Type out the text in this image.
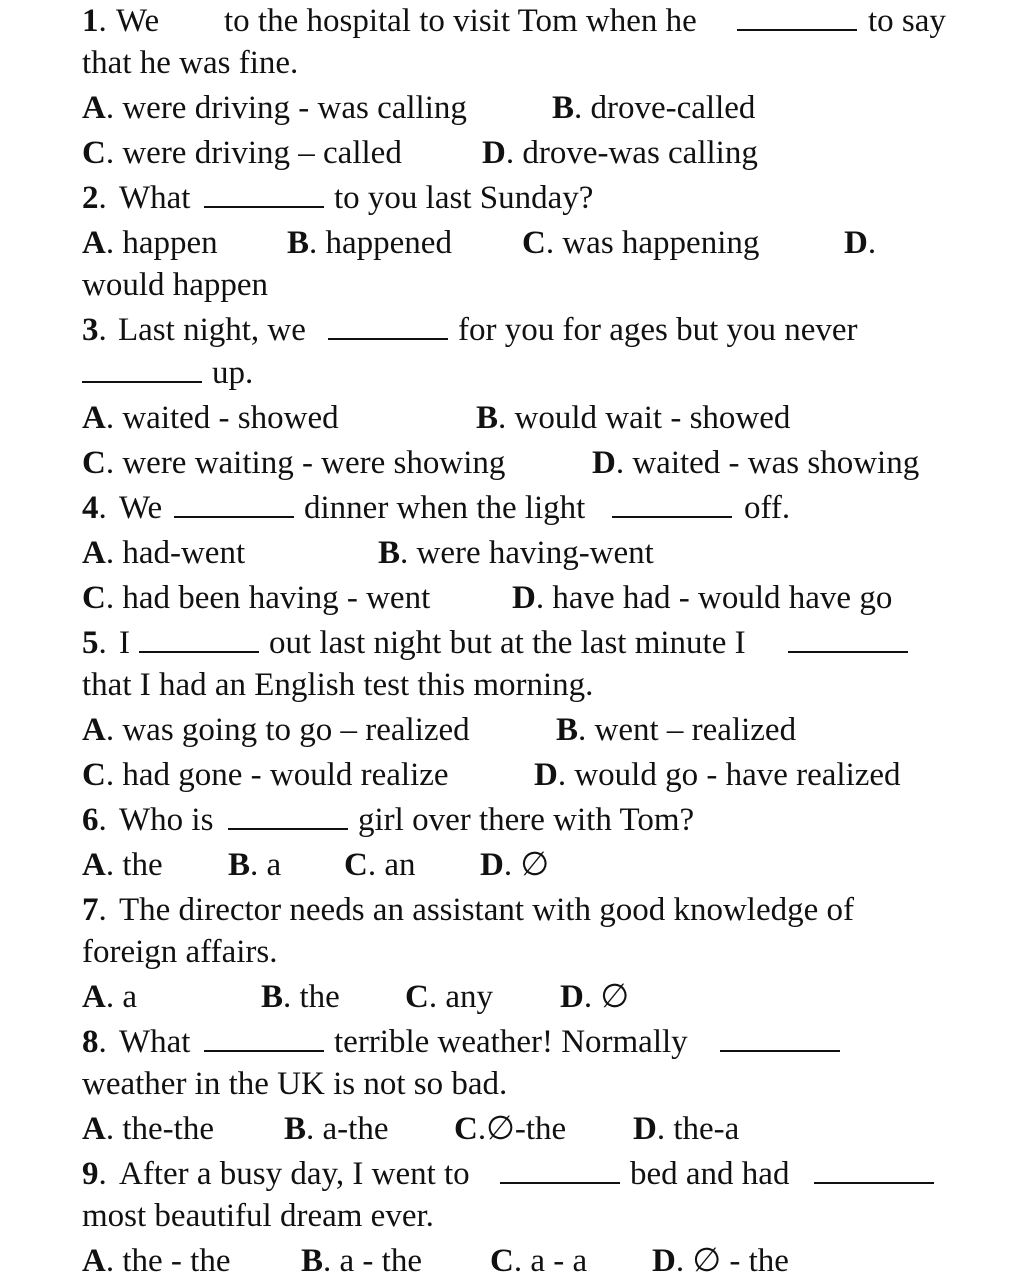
1. We to the hospital to visit Tom when he	to say
that he was fine.
A. were driving - was calling	B. drove-called
C. were driving – called D. drove-was calling
2. What	to you last Sunday?
A. happen B. happened C. was happening	D.
would happen
3. Last night, we	for you for ages but you never
up.
A. waited - showed	B. would wait - showed
C. were waiting - were showing	D. waited - was showing
4. We	dinner when the light	off.
A. had-went	B. were having-went
C. had been having - went D. have had - would have go
5. I	out last night but at the last minute I
that I had an English test this morning.
A. was going to go – realized	B. went – realized
C. had gone - would realize	D. would go - have realized
6. Who is	girl over there with Tom?
A. the B. a C. an D. ∅
7. The director needs an assistant with good knowledge of
foreign affairs.
A. a	B. the C. any D. ∅
8. What	terrible weather! Normally
weather in the UK is not so bad.
A. the-the B. a-the C.∅-the D. the-a
9. After a busy day, I went to	bed and had
most beautiful dream ever.
A. the - the B. a - the C. a - a D. ∅ - the
